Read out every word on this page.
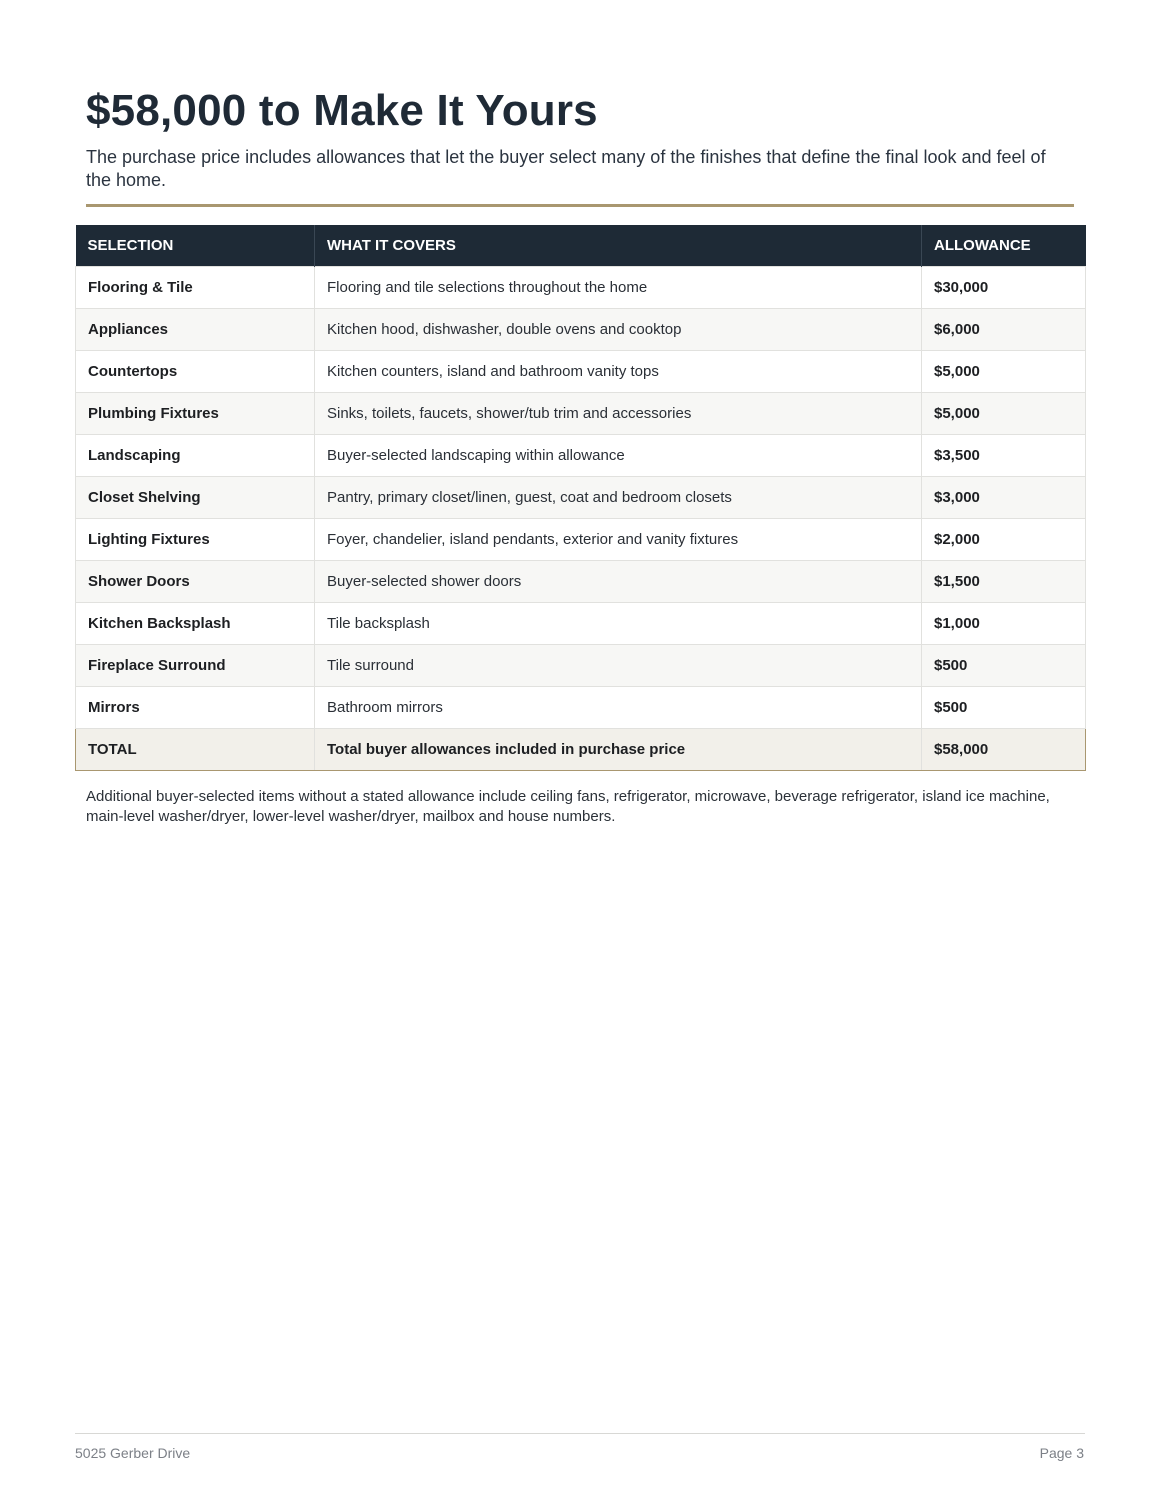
$58,000 to Make It Yours

The purchase price includes allowances that let the buyer select many of the finishes that define the final look and feel of the home.

SELECTION	WHAT IT COVERS	ALLOWANCE
Flooring & Tile	Flooring and tile selections throughout the home	$30,000
Appliances	Kitchen hood, dishwasher, double ovens and cooktop	$6,000
Countertops	Kitchen counters, island and bathroom vanity tops	$5,000
Plumbing Fixtures	Sinks, toilets, faucets, shower/tub trim and accessories	$5,000
Landscaping	Buyer-selected landscaping within allowance	$3,500
Closet Shelving	Pantry, primary closet/linen, guest, coat and bedroom closets	$3,000
Lighting Fixtures	Foyer, chandelier, island pendants, exterior and vanity fixtures	$2,000
Shower Doors	Buyer-selected shower doors	$1,500
Kitchen Backsplash	Tile backsplash	$1,000
Fireplace Surround	Tile surround	$500
Mirrors	Bathroom mirrors	$500
TOTAL	Total buyer allowances included in purchase price	$58,000

Additional buyer-selected items without a stated allowance include ceiling fans, refrigerator, microwave, beverage refrigerator, island ice machine, main-level washer/dryer, lower-level washer/dryer, mailbox and house numbers.

5025 Gerber Drive	Page 3
